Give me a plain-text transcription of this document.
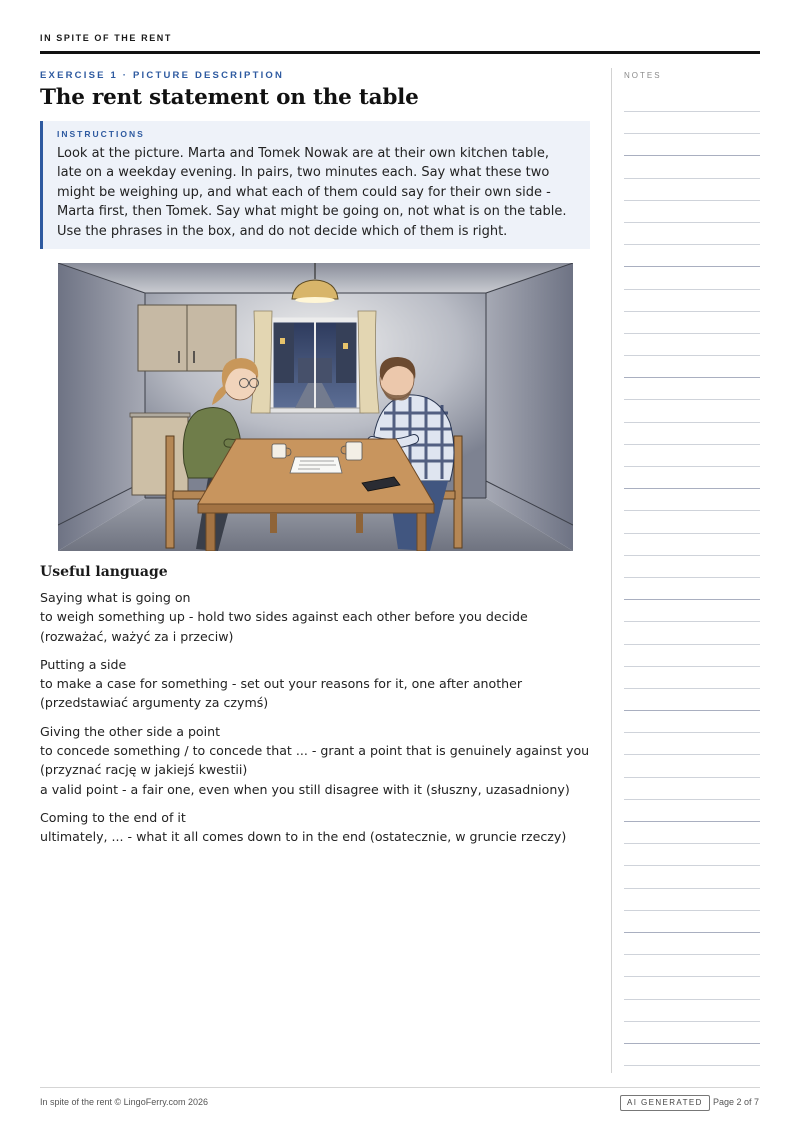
IN SPITE OF THE RENT
EXERCISE 1 · PICTURE DESCRIPTION
The rent statement on the table
INSTRUCTIONS
Look at the picture. Marta and Tomek Nowak are at their own kitchen table, late on a weekday evening. In pairs, two minutes each. Say what these two might be weighing up, and what each of them could say for their own side - Marta first, then Tomek. Say what might be going on, not what is on the table. Use the phrases in the box, and do not decide which of them is right.
Useful language
Saying what is going on
to weigh something up - hold two sides against each other before you decide (rozważać, ważyć za i przeciw)
Putting a side
to make a case for something - set out your reasons for it, one after another (przedstawiać argumenty za czymś)
Giving the other side a point
to concede something / to concede that ... - grant a point that is genuinely against you (przyznać rację w jakiejś kwestii)
a valid point - a fair one, even when you still disagree with it (słuszny, uzasadniony)
Coming to the end of it
ultimately, ... - what it all comes down to in the end (ostatecznie, w gruncie rzeczy)
NOTES
In spite of the rent © LingoFerry.com 2026	AI GENERATED	Page 2 of 7
